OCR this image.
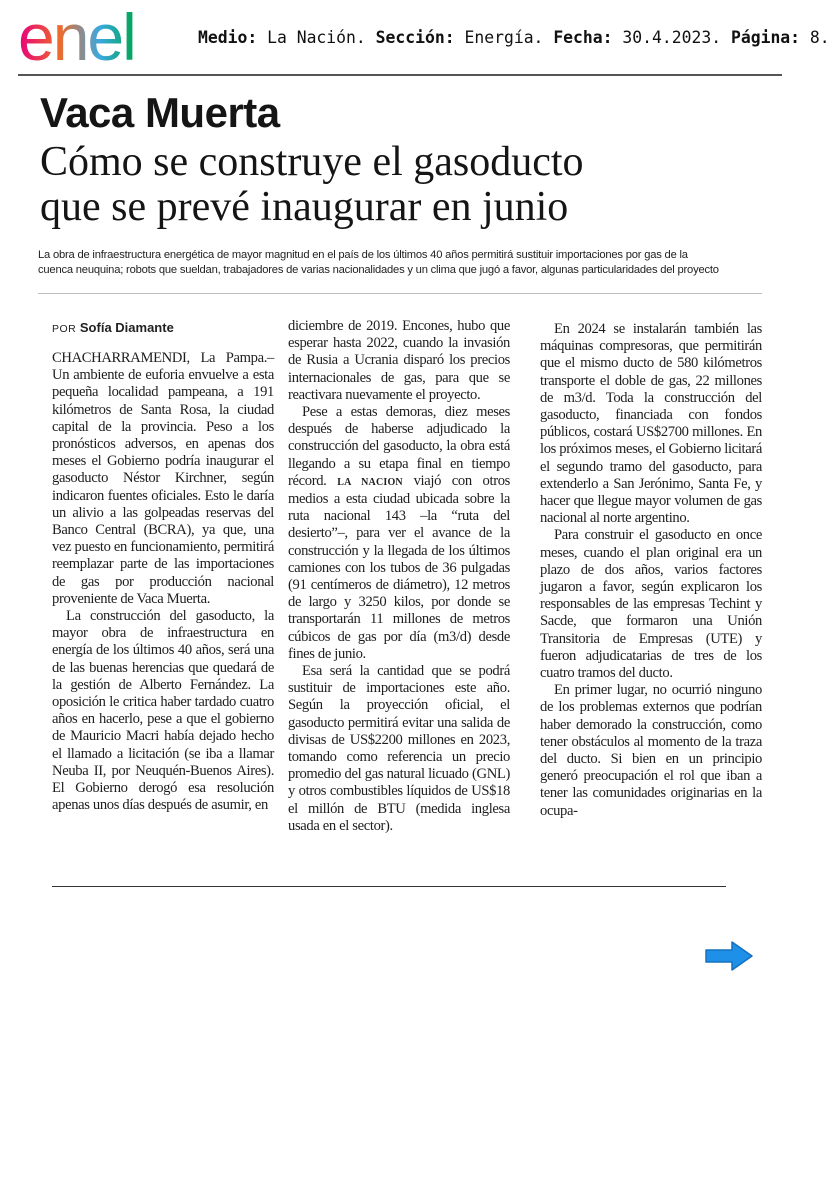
enel	Medio: La Nación. Sección: Energía. Fecha: 30.4.2023. Página: 8.
Vaca Muerta
Cómo se construye el gasoducto
que se prevé inaugurar en junio
La obra de infraestructura energética de mayor magnitud en el país de los últimos 40 años permitirá sustituir importaciones por gas de la
cuenca neuquina; robots que sueldan, trabajadores de varias nacionalidades y un clima que jugó a favor, algunas particularidades del proyecto
POR Sofía Diamante

CHACHARRAMENDI, La Pampa.– Un ambiente de euforia envuelve a esta pequeña localidad pampeana, a 191 kilómetros de Santa Rosa, la ciudad capital de la provincia. Peso a los pronósticos adversos, en apenas dos meses el Gobierno podría inaugurar el gasoducto Néstor Kirchner, según indicaron fuentes oficiales. Esto le daría un alivio a las golpeadas reservas del Banco Central (BCRA), ya que, una vez puesto en funcionamiento, permitirá reemplazar parte de las importaciones de gas por producción nacional proveniente de Vaca Muerta.

La construcción del gasoducto, la mayor obra de infraestructura en energía de los últimos 40 años, será una de las buenas herencias que quedará de la gestión de Alberto Fernández. La oposición le critica haber tardado cuatro años en hacerlo, pese a que el gobierno de Mauricio Macri había dejado hecho el llamado a licitación (se iba a llamar Neuba II, por Neuquén-Buenos Aires). El Gobierno derogó esa resolución apenas unos días después de asumir, en

diciembre de 2019. Encones, hubo que esperar hasta 2022, cuando la invasión de Rusia a Ucrania disparó los precios internacionales de gas, para que se reactivara nuevamente el proyecto.

Pese a estas demoras, diez meses después de haberse adjudicado la construcción del gasoducto, la obra está llegando a su etapa final en tiempo récord. LA NACION viajó con otros medios a esta ciudad ubicada sobre la ruta nacional 143 –la “ruta del desierto”–, para ver el avance de la construcción y la llegada de los últimos camiones con los tubos de 36 pulgadas (91 centímeros de diámetro), 12 metros de largo y 3250 kilos, por donde se transportarán 11 millones de metros cúbicos de gas por día (m3/d) desde fines de junio.

Esa será la cantidad que se podrá sustituir de importaciones este año. Según la proyección oficial, el gasoducto permitirá evitar una salida de divisas de US$2200 millones en 2023, tomando como referencia un precio promedio del gas natural licuado (GNL) y otros combustibles líquidos de US$18 el millón de BTU (medida inglesa usada en el sector).

En 2024 se instalarán también las máquinas compresoras, que permitirán que el mismo ducto de 580 kilómetros transporte el doble de gas, 22 millones de m3/d. Toda la construcción del gasoducto, financiada con fondos públicos, costará US$2700 millones. En los próximos meses, el Gobierno licitará el segundo tramo del gasoducto, para extenderlo a San Jerónimo, Santa Fe, y hacer que llegue mayor volumen de gas nacional al norte argentino.

Para construir el gasoducto en once meses, cuando el plan original era un plazo de dos años, varios factores jugaron a favor, según explicaron los responsables de las empresas Techint y Sacde, que formaron una Unión Transitoria de Empresas (UTE) y fueron adjudicatarias de tres de los cuatro tramos del ducto.

En primer lugar, no ocurrió ninguno de los problemas externos que podrían haber demorado la construcción, como tener obstáculos al momento de la traza del ducto. Si bien en un principio generó preocupación el rol que iban a tener las comunidades originarias en la ocupa-
